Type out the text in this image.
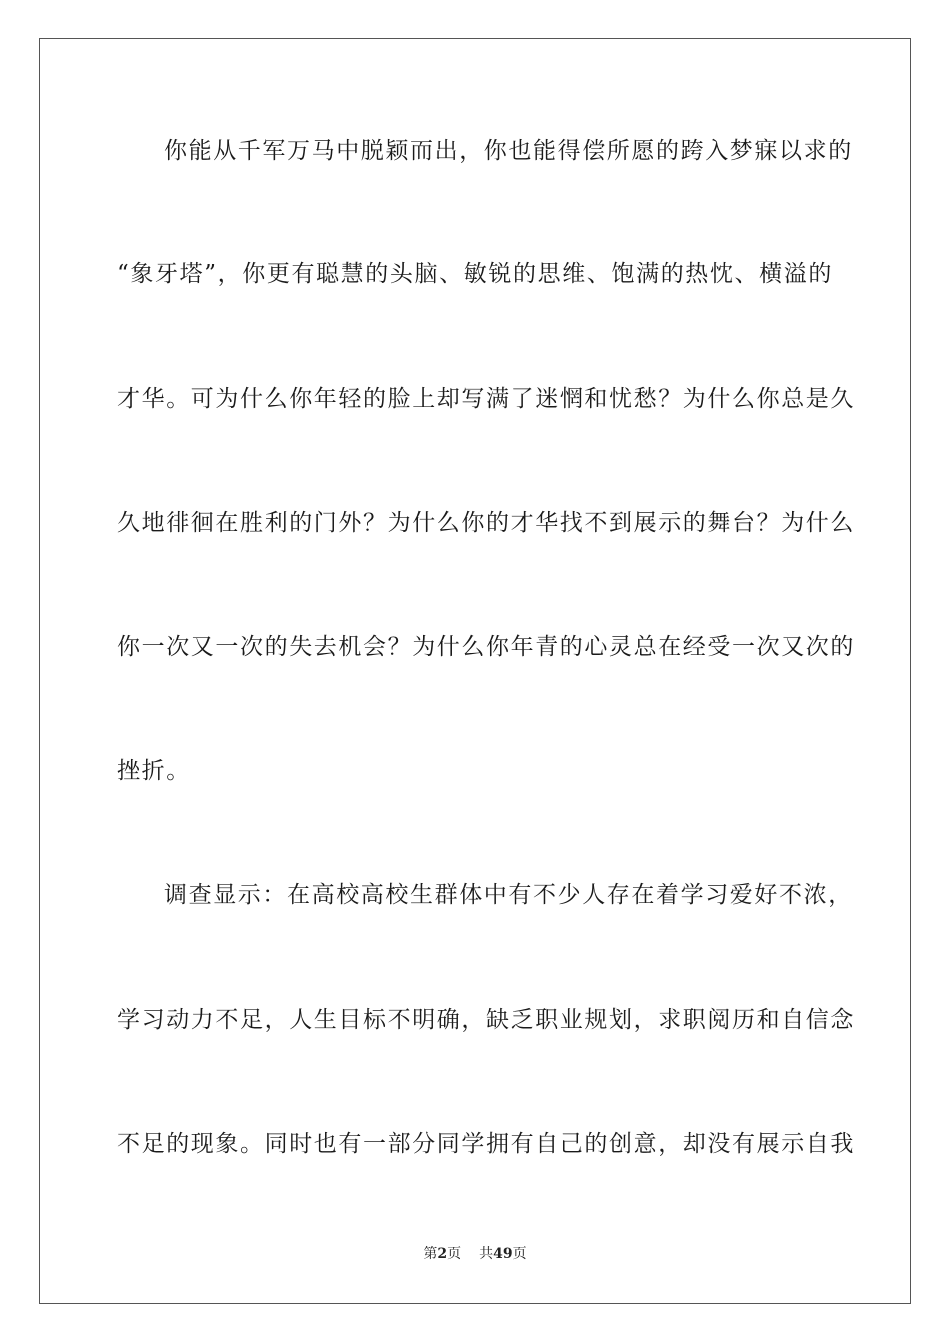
你能从千军万马中脱颖而出，你也能得偿所愿的跨入梦寐以求的
“象牙塔”，你更有聪慧的头脑、敏锐的思维、饱满的热忱、横溢的
才华。可为什么你年轻的脸上却写满了迷惘和忧愁？为什么你总是久
久地徘徊在胜利的门外？为什么你的才华找不到展示的舞台？为什么
你一次又一次的失去机会？为什么你年青的心灵总在经受一次又次的
挫折。
调查显示：在高校高校生群体中有不少人存在着学习爱好不浓，
学习动力不足，人生目标不明确，缺乏职业规划，求职阅历和自信念
不足的现象。同时也有一部分同学拥有自己的创意，却没有展示自我
第2页 共49页
